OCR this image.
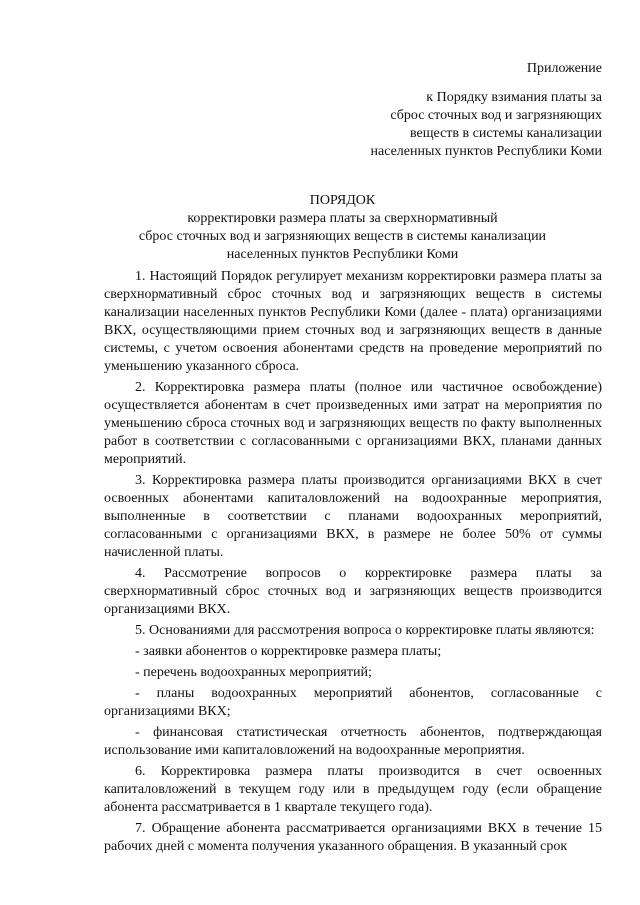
Приложение
к Порядку взимания платы за
сброс сточных вод и загрязняющих
веществ в системы канализации
населенных пунктов Республики Коми
ПОРЯДОК
корректировки размера платы за сверхнормативный
сброс сточных вод и загрязняющих веществ в системы канализации
населенных пунктов Республики Коми

1. Настоящий Порядок регулирует механизм корректировки размера платы за сверхнормативный сброс сточных вод и загрязняющих веществ в системы канализации населенных пунктов Республики Коми (далее - плата) организациями ВКХ, осуществляющими прием сточных вод и загрязняющих веществ в данные системы, с учетом освоения абонентами средств на проведение мероприятий по уменьшению указанного сброса.

2. Корректировка размера платы (полное или частичное освобождение) осуществляется абонентам в счет произведенных ими затрат на мероприятия по уменьшению сброса сточных вод и загрязняющих веществ по факту выполненных работ в соответствии с согласованными с организациями ВКХ, планами данных мероприятий.

3. Корректировка размера платы производится организациями ВКХ в счет освоенных абонентами капиталовложений на водоохранные мероприятия, выполненные в соответствии с планами водоохранных мероприятий, согласованными с организациями ВКХ, в размере не более 50% от суммы начисленной платы.

4. Рассмотрение вопросов о корректировке размера платы за сверхнормативный сброс сточных вод и загрязняющих веществ производится организациями ВКХ.

5. Основаниями для рассмотрения вопроса о корректировке платы являются:

- заявки абонентов о корректировке размера платы;

- перечень водоохранных мероприятий;

- планы водоохранных мероприятий абонентов, согласованные с организациями ВКХ;

- финансовая статистическая отчетность абонентов, подтверждающая использование ими капиталовложений на водоохранные мероприятия.

6. Корректировка размера платы производится в счет освоенных капиталовложений в текущем году или в предыдущем году (если обращение абонента рассматривается в 1 квартале текущего года).

7. Обращение абонента рассматривается организациями ВКХ в течение 15 рабочих дней с момента получения указанного обращения. В указанный срок
